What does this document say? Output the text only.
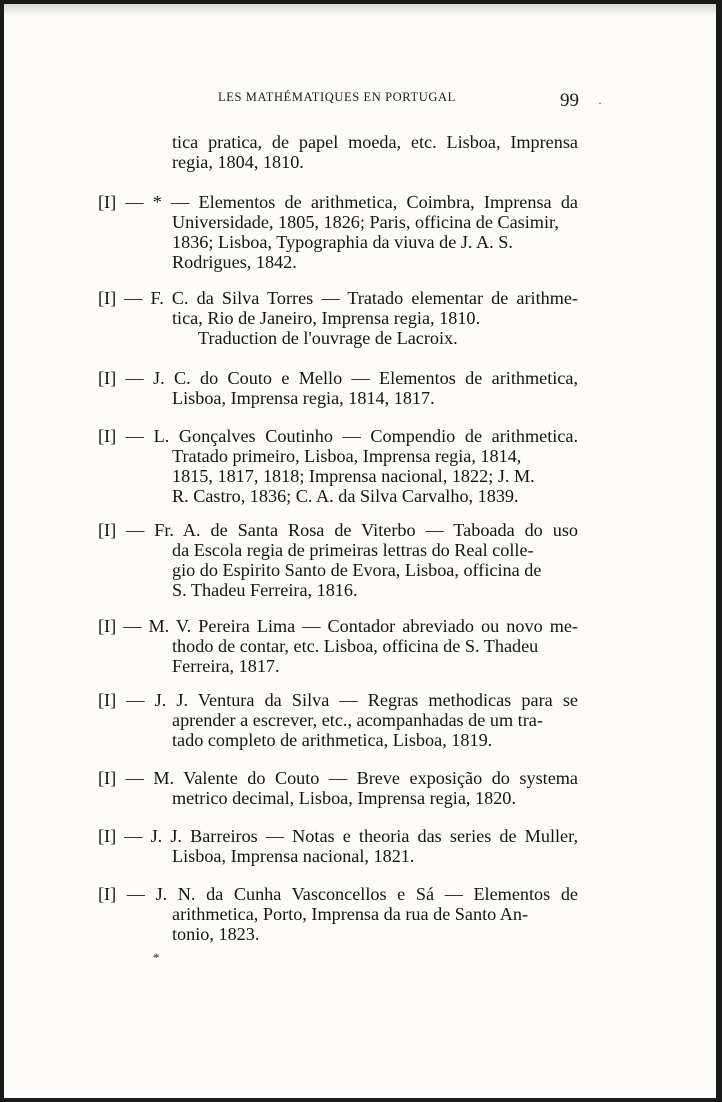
LES MATHÉMATIQUES EN PORTUGAL	99 ·
tica pratica, de papel moeda, etc. Lisboa, Imprensa
regia, 1804, 1810.
[I] — * — Elementos de arithmetica, Coimbra, Imprensa da
Universidade, 1805, 1826; Paris, officina de Casimir,
1836; Lisboa, Typographia da viuva de J. A. S.
Rodrigues, 1842.
[I] — F. C. da Silva Torres — Tratado elementar de arithme-
tica, Rio de Janeiro, Imprensa regia, 1810.
Traduction de l'ouvrage de Lacroix.
[I] — J. C. do Couto e Mello — Elementos de arithmetica,
Lisboa, Imprensa regia, 1814, 1817.
[I] — L. Gonçalves Coutinho — Compendio de arithmetica.
Tratado primeiro, Lisboa, Imprensa regia, 1814,
1815, 1817, 1818; Imprensa nacional, 1822; J. M.
R. Castro, 1836; C. A. da Silva Carvalho, 1839.
[I] — Fr. A. de Santa Rosa de Viterbo — Taboada do uso
da Escola regia de primeiras lettras do Real colle-
gio do Espirito Santo de Evora, Lisboa, officina de
S. Thadeu Ferreira, 1816.
[I] — M. V. Pereira Lima — Contador abreviado ou novo me-
thodo de contar, etc. Lisboa, officina de S. Thadeu
Ferreira, 1817.
[I] — J. J. Ventura da Silva — Regras methodicas para se
aprender a escrever, etc., acompanhadas de um tra-
tado completo de arithmetica, Lisboa, 1819.
[I] — M. Valente do Couto — Breve exposição do systema
metrico decimal, Lisboa, Imprensa regia, 1820.
[I] — J. J. Barreiros — Notas e theoria das series de Muller,
Lisboa, Imprensa nacional, 1821.
[I] — J. N. da Cunha Vasconcellos e Sá — Elementos de
arithmetica, Porto, Imprensa da rua de Santo An-
tonio, 1823.
*
